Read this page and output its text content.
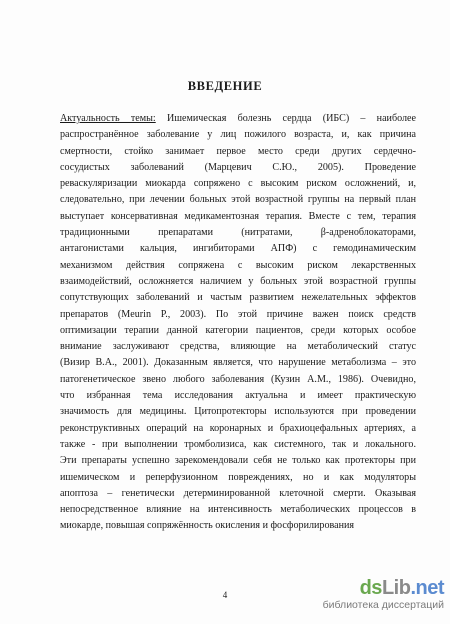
ВВЕДЕНИЕ
Актуальность темы: Ишемическая болезнь сердца (ИБС) – наиболее
распространённое заболевание у лиц пожилого возраста, и, как причина
смертности, стойко занимает первое место среди других сердечно-
сосудистых заболеваний (Марцевич С.Ю., 2005). Проведение
реваскуляризации миокарда сопряжено с высоким риском осложнений, и,
следовательно, при лечении больных этой возрастной группы на первый план
выступает консервативная медикаментозная терапия. Вместе с тем, терапия
традиционными препаратами (нитратами, β-адреноблокаторами,
антагонистами кальция, ингибиторами АПФ) с гемодинамическим
механизмом действия сопряжена с высоким риском лекарственных
взаимодействий, осложняется наличием у больных этой возрастной группы
сопутствующих заболеваний и частым развитием нежелательных эффектов
препаратов (Meurin P., 2003). По этой причине важен поиск средств
оптимизации терапии данной категории пациентов, среди которых особое
внимание заслуживают средства, влияющие на метаболический статус
(Визир В.А., 2001). Доказанным является, что нарушение метаболизма – это
патогенетическое звено любого заболевания (Кузин А.М., 1986). Очевидно,
что избранная тема исследования актуальна и имеет практическую
значимость для медицины. Цитопротекторы используются при проведении
реконструктивных операций на коронарных и брахиоцефальных артериях, а
также - при выполнении тромболизиса, как системного, так и локального.
Эти препараты успешно зарекомендовали себя не только как протекторы при
ишемическом и реперфузионном повреждениях, но и как модуляторы
апоптоза – генетически детерминированной клеточной смерти. Оказывая
непосредственное влияние на интенсивность метаболических процессов в
миокарде, повышая сопряжённость окисления и фосфорилирования
4	ds Lib .net
библиотека диссертаций
